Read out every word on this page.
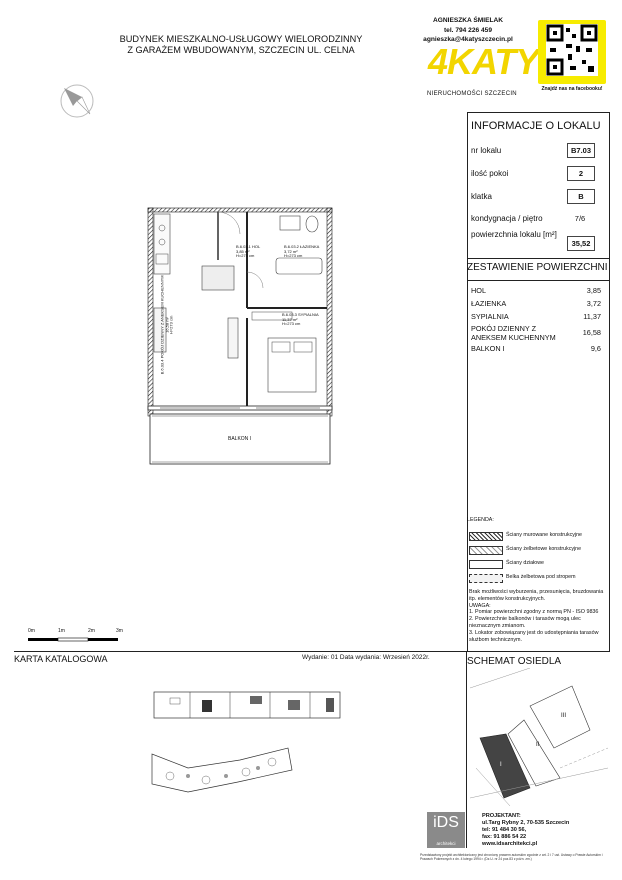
BUDYNEK MIESZKALNO-USŁUGOWY WIELORODZINNY
Z GARAŻEM WBUDOWANYM, SZCZECIN UL. CELNA
AGNIESZKA ŚMIELAK
tel. 794 226 459
agnieszka@4katyszczecin.pl
4KATY
NIERUCHOMOŚCI SZCZECIN
Znajdź nas na facebooku!
INFORMACJE O LOKALU
nr lokalu	B7.03
ilość pokoi	2
klatka	B
kondygnacja / piętro	7/6
powierzchnia lokalu [m²]
35,52
ZESTAWIENIE POWIERZCHNI
HOL	3,85
ŁAZIENKA	3,72
SYPIALNIA	11,37
POKÓJ DZIENNY Z ANEKSEM KUCHENNYM	16,58
BALKON I	9,6
LEGENDA:
Ściany murowane konstrukcyjne
Ściany żelbetowe konstrukcyjne
Ściany działowe
Belka żelbetowa pod stropem
Brak możliwości wyburzenia, przesunięcia, bruzdowania itp. elementów konstrukcyjnych.
UWAGA:
1. Pomiar powierzchni zgodny z normą PN - ISO 9836
2. Powierzchnie balkonów i tarasów mogą ulec nieznacznym zmianom.
3. Lokator zobowiązany jest do udostępniania tarasów służbom technicznym.
B.6.03.1 HOL
3,85 m²
H=273 cm
B.6.03.2 ŁAZIENKA
3,72 m²
H=273 cm
B.6.03.3 SYPIALNIA
11,37 m²
H=273 cm
B.6.03.4 POKÓJ DZIENNY Z ANEKSEM KUCHENNYM 16,58 m² H=273 cm
BALKON I
0m	1m	2m	3m
KARTA KATALOGOWA	Wydanie: 01 Data wydania: Wrzesień 2022r.	SCHEMAT OSIEDLA
I
II
III
iDS
architekci
PROJEKTANT:
ul.Targ Rybny 2, 70-535 Szczecin
tel: 91 484 30 56,
fax: 91 886 54 22
www.idsarchitekci.pl
Przedstawiony projekt architektoniczny jest chroniony prawem autorskim zgodnie z art. 2 i 7 ust. Ustawy o Prawie Autorskim i Prawach Pokrewnych z dn. 4 lutego 1994 r. (Dz.U. nr 24 poz.83 z późn. zm.)
